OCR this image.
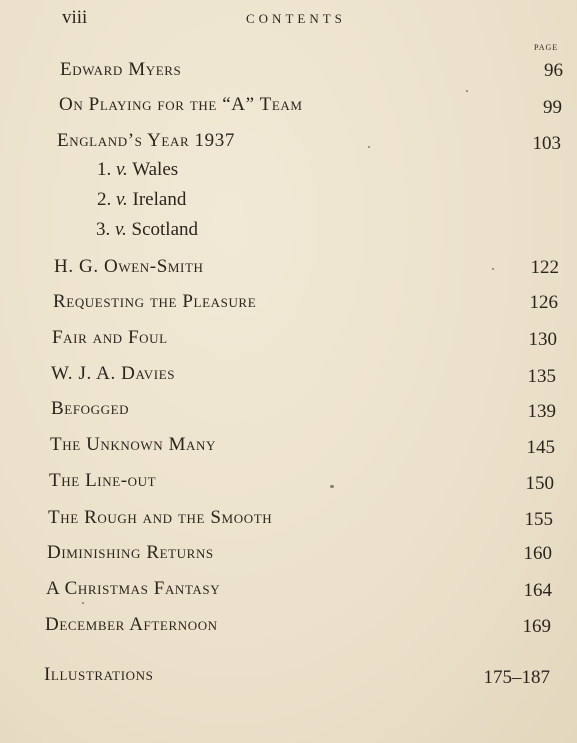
viii	CONTENTS
PAGE
Edward Myers
On Playing for the “A” Team
England’s Year 1937
1. v. Wales
2. v. Ireland
3. v. Scotland
H. G. Owen-Smith
Requesting the Pleasure
Fair and Foul
W. J. A. Davies
Befogged
The Unknown Many
The Line-out
The Rough and the Smooth
Diminishing Returns
A Christmas Fantasy
December Afternoon
Illustrations
96
99
103
122
126
130
135
139
145
150
155
160
164
169
175–187
